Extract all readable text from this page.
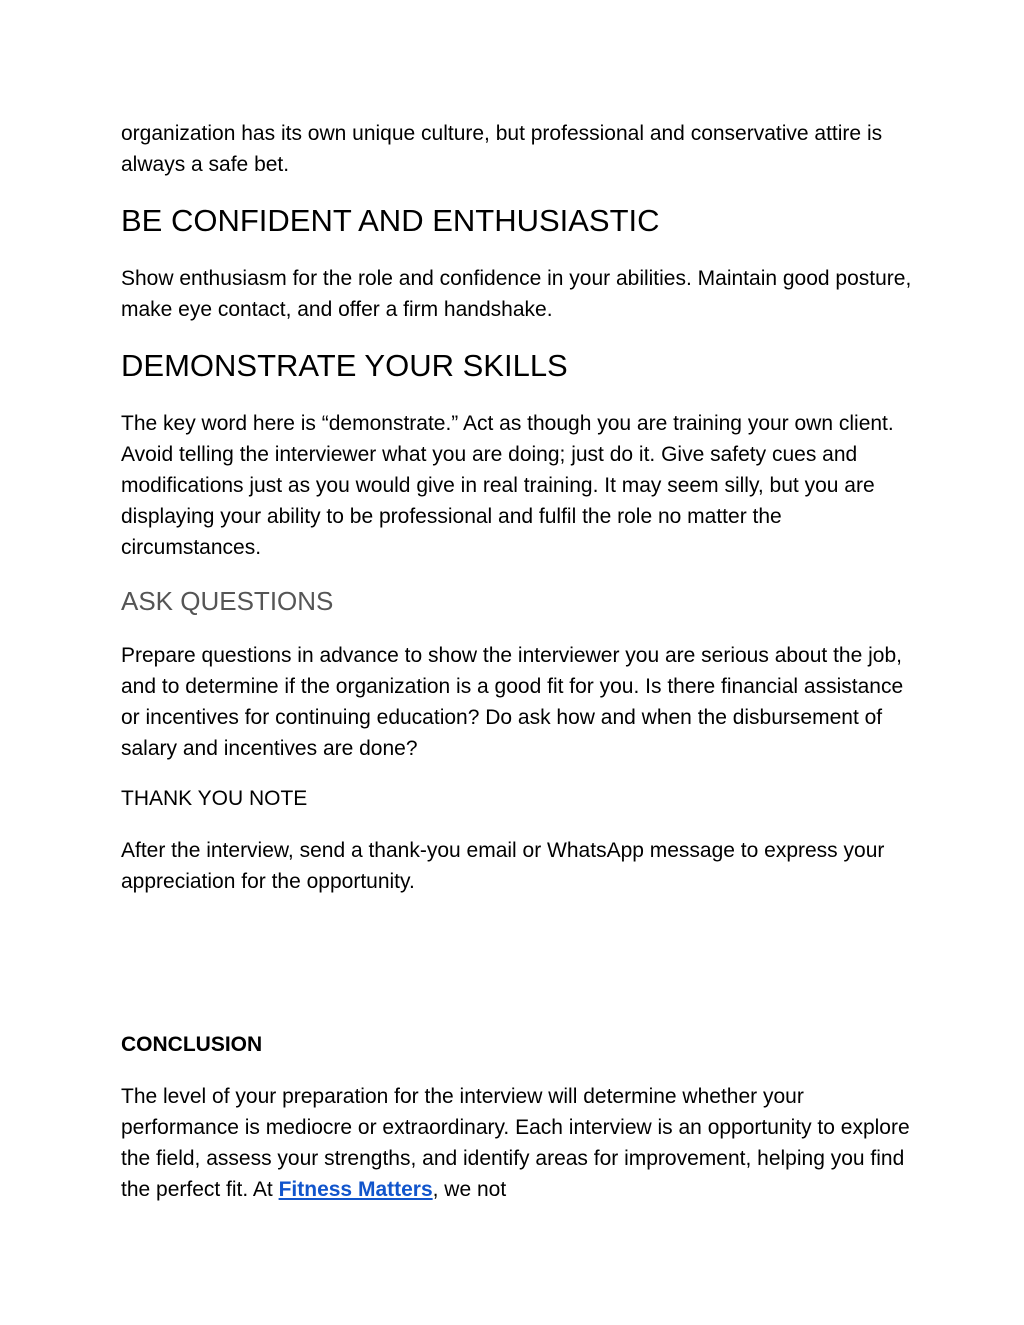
organization has its own unique culture, but professional and conservative attire is always a safe bet.

BE CONFIDENT AND ENTHUSIASTIC

Show enthusiasm for the role and confidence in your abilities. Maintain good posture, make eye contact, and offer a firm handshake.

DEMONSTRATE YOUR SKILLS

The key word here is “demonstrate.” Act as though you are training your own client. Avoid telling the interviewer what you are doing; just do it. Give safety cues and modifications just as you would give in real training. It may seem silly, but you are displaying your ability to be professional and fulfil the role no matter the circumstances.

ASK QUESTIONS

Prepare questions in advance to show the interviewer you are serious about the job, and to determine if the organization is a good fit for you. Is there financial assistance or incentives for continuing education? Do ask how and when the disbursement of salary and incentives are done?

THANK YOU NOTE

After the interview, send a thank-you email or WhatsApp message to express your appreciation for the opportunity.

CONCLUSION

The level of your preparation for the interview will determine whether your performance is mediocre or extraordinary. Each interview is an opportunity to explore the field, assess your strengths, and identify areas for improvement, helping you find the perfect fit. At Fitness Matters, we not
